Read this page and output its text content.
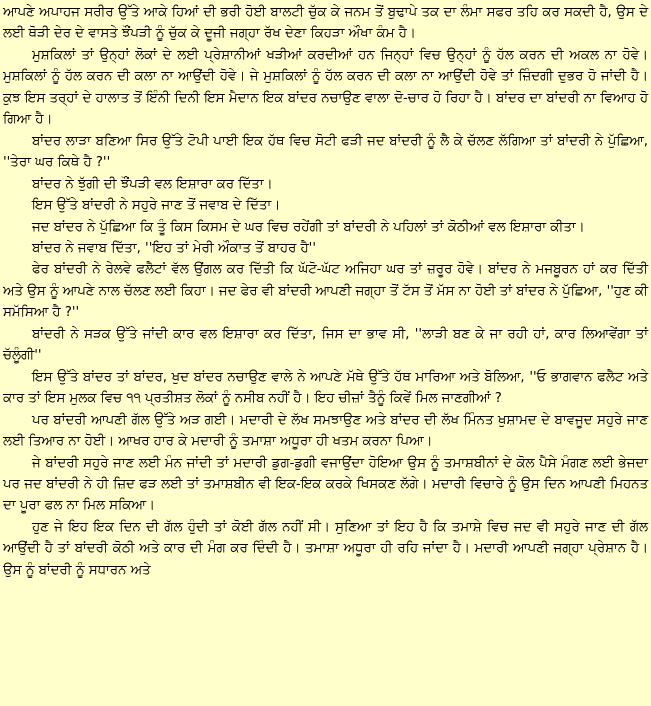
ਆਪਣੇ ਅਪਾਹਜ ਸਰੀਰ ਉੱਤੇ ਆਕੇ ਹਿਆਂ ਦੀ ਭਰੀ ਹੋਈ ਬਾਲਟੀ ਚੁੱਕ ਕੇ ਜਨਮ ਤੋਂ ਬੁਢਾਪੇ ਤਕ ਦਾ ਲੰਮਾ ਸਫਰ ਤਹਿ ਕਰ ਸਕਦੀ ਹੈ, ਉਸ ਦੇ ਲਈ ਥੋੜੀ ਦੇਰ ਦੇ ਵਾਸਤੇ ਝੌਂਪੜੀ ਨੂੰ ਚੁੱਕ ਕੇ ਦੂਜੀ ਜਗ੍ਹਾ ਰੱਖ ਦੇਣਾ ਕਿਹੜਾ ਔਖਾ ਕੰਮ ਹੈ।

ਮੁਸ਼ਕਿਲਾਂ ਤਾਂ ਉਨ੍ਹਾਂ ਲੋਕਾਂ ਦੇ ਲਈ ਪ੍ਰੇਸ਼ਾਨੀਆਂ ਖੜੀਆਂ ਕਰਦੀਆਂ ਹਨ ਜਿਨ੍ਹਾਂ ਵਿਚ ਉਨ੍ਹਾਂ ਨੂੰ ਹੱਲ ਕਰਨ ਦੀ ਅਕਲ ਨਾ ਹੋਵੇ। ਮੁਸ਼ਕਿਲਾਂ ਨੂੰ ਹੱਲ ਕਰਨ ਦੀ ਕਲਾ ਨਾ ਆਉਂਦੀ ਹੋਵੇ। ਜੇ ਮੁਸ਼ਕਿਲਾਂ ਨੂੰ ਹੱਲ ਕਰਨ ਦੀ ਕਲਾ ਨਾ ਆਉਂਦੀ ਹੋਵੇ ਤਾਂ ਜ਼ਿੰਦਗੀ ਦੁਭਰ ਹੋ ਜਾਂਦੀ ਹੈ। ਕੁਝ ਇਸ ਤਰ੍ਹਾਂ ਦੇ ਹਾਲਾਤ ਤੋਂ ਇੰਨੀ ਦਿਨੀ ਇਸ ਮੈਦਾਨ ਇਕ ਬਾਂਦਰ ਨਚਾਉਣ ਵਾਲਾ ਦੋ-ਚਾਰ ਹੋ ਰਿਹਾ ਹੈ। ਬਾਂਦਰ ਦਾ ਬਾਂਦਰੀ ਨਾ ਵਿਆਹ ਹੋ ਗਿਆ ਹੈ।

ਬਾਂਦਰ ਲਾੜਾ ਬਣਿਆ ਸਿਰ ਉੱਤੇ ਟੋਪੀ ਪਾਈ ਇਕ ਹੱਥ ਵਿਚ ਸੋਟੀ ਫੜੀ ਜਦ ਬਾਂਦਰੀ ਨੂੰ ਲੈ ਕੇ ਚੱਲਣ ਲੱਗਿਆ ਤਾਂ ਬਾਂਦਰੀ ਨੇ ਪੁੱਛਿਆ, ''ਤੇਰਾ ਘਰ ਕਿਥੇ ਹੈ ?''

ਬਾਂਦਰ ਨੇ ਝੁੱਗੀ ਦੀ ਝੌਂਪੜੀ ਵਲ ਇਸ਼ਾਰਾ ਕਰ ਦਿੱਤਾ।

ਇਸ ਉੱਤੇ ਬਾਂਦਰੀ ਨੇ ਸਹੁਰੇ ਜਾਣ ਤੋਂ ਜਵਾਬ ਦੇ ਦਿੱਤਾ।

ਜਦ ਬਾਂਦਰ ਨੇ ਪੁੱਛਿਆ ਕਿ ਤੂੰ ਕਿਸ ਕਿਸਮ ਦੇ ਘਰ ਵਿਚ ਰਹੇਂਗੀ ਤਾਂ ਬਾਂਦਰੀ ਨੇ ਪਹਿਲਾਂ ਤਾਂ ਕੋਠੀਆਂ ਵਲ ਇਸ਼ਾਰਾ ਕੀਤਾ।

ਬਾਂਦਰ ਨੇ ਜਵਾਬ ਦਿੱਤਾ, ''ਇਹ ਤਾਂ ਮੇਰੀ ਔਕਾਤ ਤੋਂ ਬਾਹਰ ਹੈ''

ਫੇਰ ਬਾਂਦਰੀ ਨੇ ਰੇਲਵੇ ਫਲੈਟਾਂ ਵੱਲ ਉਂਗਲ ਕਰ ਦਿੱਤੀ ਕਿ ਘੱਟੋ-ਘੱਟ ਅਜਿਹਾ ਘਰ ਤਾਂ ਜ਼ਰੂਰ ਹੋਵੇ। ਬਾਂਦਰ ਨੇ ਮਜਬੂਰਨ ਹਾਂ ਕਰ ਦਿੱਤੀ ਅਤੇ ਉਸ ਨੂੰ ਆਪਣੇ ਨਾਲ ਚੱਲਣ ਲਈ ਕਿਹਾ। ਜਦ ਫੇਰ ਵੀ ਬਾਂਦਰੀ ਆਪਣੀ ਜਗ੍ਹਾ ਤੋਂ ਟੱਸ ਤੋਂ ਮੱਸ ਨਾ ਹੋਈ ਤਾਂ ਬਾਂਦਰ ਨੇ ਪੁੱਛਿਆ, ''ਹੁਣ ਕੀ ਸਮੱਸਿਆ ਹੈ ?''

ਬਾਂਦਰੀ ਨੇ ਸੜਕ ਉੱਤੇ ਜਾਂਦੀ ਕਾਰ ਵਲ ਇਸ਼ਾਰਾ ਕਰ ਦਿੱਤਾ, ਜਿਸ ਦਾ ਭਾਵ ਸੀ, ''ਲਾੜੀ ਬਣ ਕੇ ਜਾ ਰਹੀ ਹਾਂ, ਕਾਰ ਲਿਆਵੇਂਗਾ ਤਾਂ ਚੱਲੂੰਗੀ''

ਇਸ ਉੱਤੇ ਬਾਂਦਰ ਤਾਂ ਬਾਂਦਰ, ਖੁਦ ਬਾਂਦਰ ਨਚਾਉਣ ਵਾਲੇ ਨੇ ਆਪਣੇ ਮੱਥੇ ਉੱਤੇ ਹੱਥ ਮਾਰਿਆ ਅਤੇ ਬੋਲਿਆ, ''ਓ ਭਾਗਵਾਨ ਫਲੈਟ ਅਤੇ ਕਾਰ ਤਾਂ ਇਸ ਮੁਲਕ ਵਿਚ ੧੧ ਪ੍ਰਤੀਸ਼ਤ ਲੋਕਾਂ ਨੂੰ ਨਸੀਬ ਨਹੀਂ ਹੈ। ਇਹ ਚੀਜ਼ਾਂ ਤੈਨੂੰ ਕਿਵੇਂ ਮਿਲ ਜਾਣਗੀਆਂ ?

ਪਰ ਬਾਂਦਰੀ ਆਪਣੀ ਗੱਲ ਉੱਤੇ ਅੜ ਗਈ। ਮਦਾਰੀ ਦੇ ਲੱਖ ਸਮਝਾਉਣ ਅਤੇ ਬਾਂਦਰ ਦੀ ਲੱਖ ਮਿੰਨਤ ਖੁਸ਼ਾਮਦ ਦੇ ਬਾਵਜੂਦ ਸਹੁਰੇ ਜਾਣ ਲਈ ਤਿਆਰ ਨਾ ਹੋਈ। ਆਖਰ ਹਾਰ ਕੇ ਮਦਾਰੀ ਨੂੰ ਤਮਾਸ਼ਾ ਅਧੂਰਾ ਹੀ ਖਤਮ ਕਰਨਾ ਪਿਆ।

ਜੇ ਬਾਂਦਰੀ ਸਹੁਰੇ ਜਾਣ ਲਈ ਮੰਨ ਜਾਂਦੀ ਤਾਂ ਮਦਾਰੀ ਡੁਗ-ਡੁਗੀ ਵਜਾਉਂਦਾ ਹੋਇਆ ਉਸ ਨੂੰ ਤਮਾਸ਼ਬੀਨਾਂ ਦੇ ਕੋਲ ਪੈਸੇ ਮੰਗਣ ਲਈ ਭੇਜਦਾ ਪਰ ਜਦ ਬਾਂਦਰੀ ਨੇ ਹੀ ਜ਼ਿਦ ਫੜ ਲਈ ਤਾਂ ਤਮਾਸ਼ਬੀਨ ਵੀ ਇਕ-ਇਕ ਕਰਕੇ ਖਿਸਕਣ ਲੱਗੇ। ਮਦਾਰੀ ਵਿਚਾਰੇ ਨੂੰ ਉਸ ਦਿਨ ਆਪਣੀ ਮਿਹਨਤ ਦਾ ਪੂਰਾ ਫਲ ਨਾ ਮਿਲ ਸਕਿਆ।

ਹੁਣ ਜੇ ਇਹ ਇਕ ਦਿਨ ਦੀ ਗੱਲ ਹੁੰਦੀ ਤਾਂ ਕੋਈ ਗੱਲ ਨਹੀਂ ਸੀ। ਸੁਣਿਆ ਤਾਂ ਇਹ ਹੈ ਕਿ ਤਮਾਸ਼ੇ ਵਿਚ ਜਦ ਵੀ ਸਹੁਰੇ ਜਾਣ ਦੀ ਗੱਲ ਆਉਂਦੀ ਹੈ ਤਾਂ ਬਾਂਦਰੀ ਕੋਠੀ ਅਤੇ ਕਾਰ ਦੀ ਮੰਗ ਕਰ ਦਿੰਦੀ ਹੈ। ਤਮਾਸ਼ਾ ਅਧੂਰਾ ਹੀ ਰਹਿ ਜਾਂਦਾ ਹੈ। ਮਦਾਰੀ ਆਪਣੀ ਜਗ੍ਹਾ ਪ੍ਰੇਸ਼ਾਨ ਹੈ। ਉਸ ਨੂੰ ਬਾਂਦਰੀ ਨੂੰ ਸਧਾਰਨ ਅਤੇ
